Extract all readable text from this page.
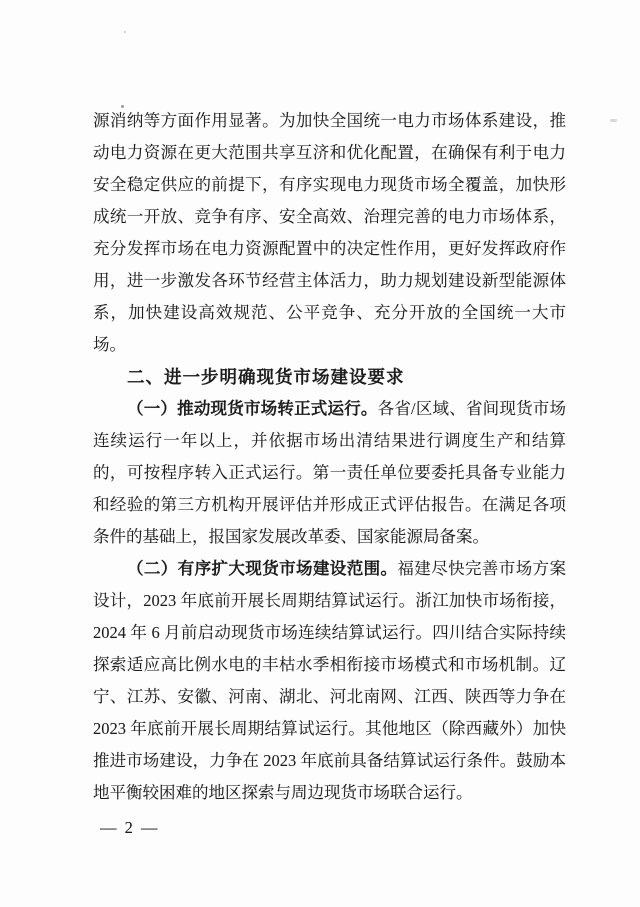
源消纳等方面作用显著。为加快全国统一电力市场体系建设，推
动电力资源在更大范围共享互济和优化配置，在确保有利于电力
安全稳定供应的前提下，有序实现电力现货市场全覆盖，加快形
成统一开放、竞争有序、安全高效、治理完善的电力市场体系，
充分发挥市场在电力资源配置中的决定性作用，更好发挥政府作
用，进一步激发各环节经营主体活力，助力规划建设新型能源体
系，加快建设高效规范、公平竞争、充分开放的全国统一大市
场。
二、进一步明确现货市场建设要求
（一）推动现货市场转正式运行。各省/区域、省间现货市场
连续运行一年以上，并依据市场出清结果进行调度生产和结算
的，可按程序转入正式运行。第一责任单位要委托具备专业能力
和经验的第三方机构开展评估并形成正式评估报告。在满足各项
条件的基础上，报国家发展改革委、国家能源局备案。
（二）有序扩大现货市场建设范围。福建尽快完善市场方案
设计，2023 年底前开展长周期结算试运行。浙江加快市场衔接，
2024 年 6 月前启动现货市场连续结算试运行。四川结合实际持续
探索适应高比例水电的丰枯水季相衔接市场模式和市场机制。辽
宁、江苏、安徽、河南、湖北、河北南网、江西、陕西等力争在
2023 年底前开展长周期结算试运行。其他地区（除西藏外）加快
推进市场建设，力争在 2023 年底前具备结算试运行条件。鼓励本
地平衡较困难的地区探索与周边现货市场联合运行。
— 2 —
